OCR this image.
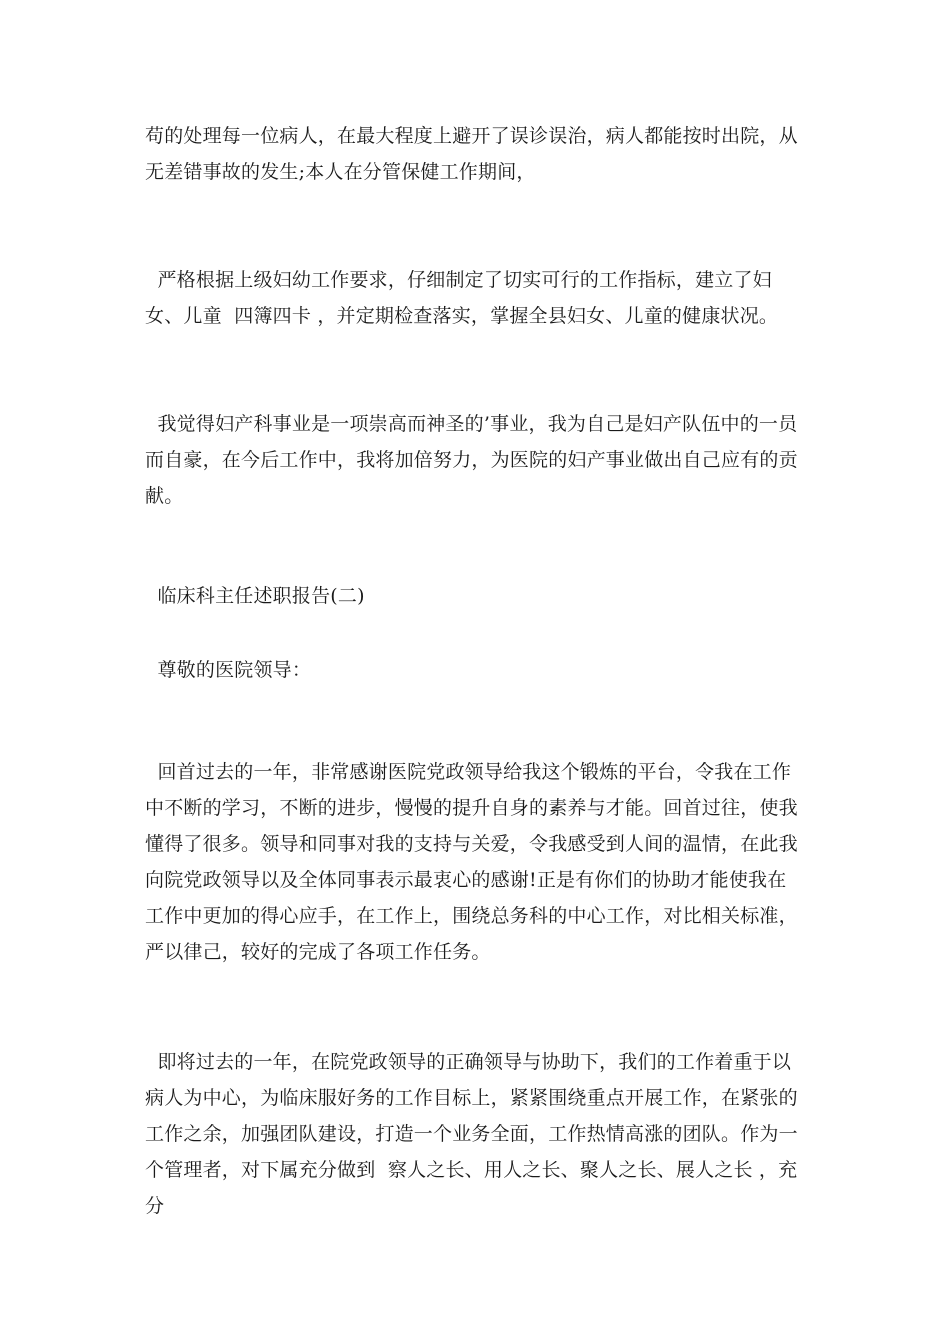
苟的处理每一位病人，在最大程度上避开了误诊误治，病人都能按时出院，从无差错事故的发生;本人在分管保健工作期间，

严格根据上级妇幼工作要求，仔细制定了切实可行的工作指标，建立了妇女、儿童  四簿四卡 ，并定期检查落实，掌握全县妇女、儿童的健康状况。

我觉得妇产科事业是一项崇高而神圣的’事业，我为自己是妇产队伍中的一员而自豪，在今后工作中，我将加倍努力，为医院的妇产事业做出自己应有的贡献。

临床科主任述职报告(二)

尊敬的医院领导：

回首过去的一年，非常感谢医院党政领导给我这个锻炼的平台，令我在工作中不断的学习，不断的进步，慢慢的提升自身的素养与才能。回首过往，使我懂得了很多。领导和同事对我的支持与关爱，令我感受到人间的温情，在此我向院党政领导以及全体同事表示最衷心的感谢!正是有你们的协助才能使我在工作中更加的得心应手，在工作上，围绕总务科的中心工作，对比相关标准，严以律己，较好的完成了各项工作任务。

即将过去的一年，在院党政领导的正确领导与协助下，我们的工作着重于以病人为中心，为临床服好务的工作目标上，紧紧围绕重点开展工作，在紧张的工作之余，加强团队建设，打造一个业务全面，工作热情高涨的团队。作为一个管理者，对下属充分做到  察人之长、用人之长、聚人之长、展人之长 ，充分
